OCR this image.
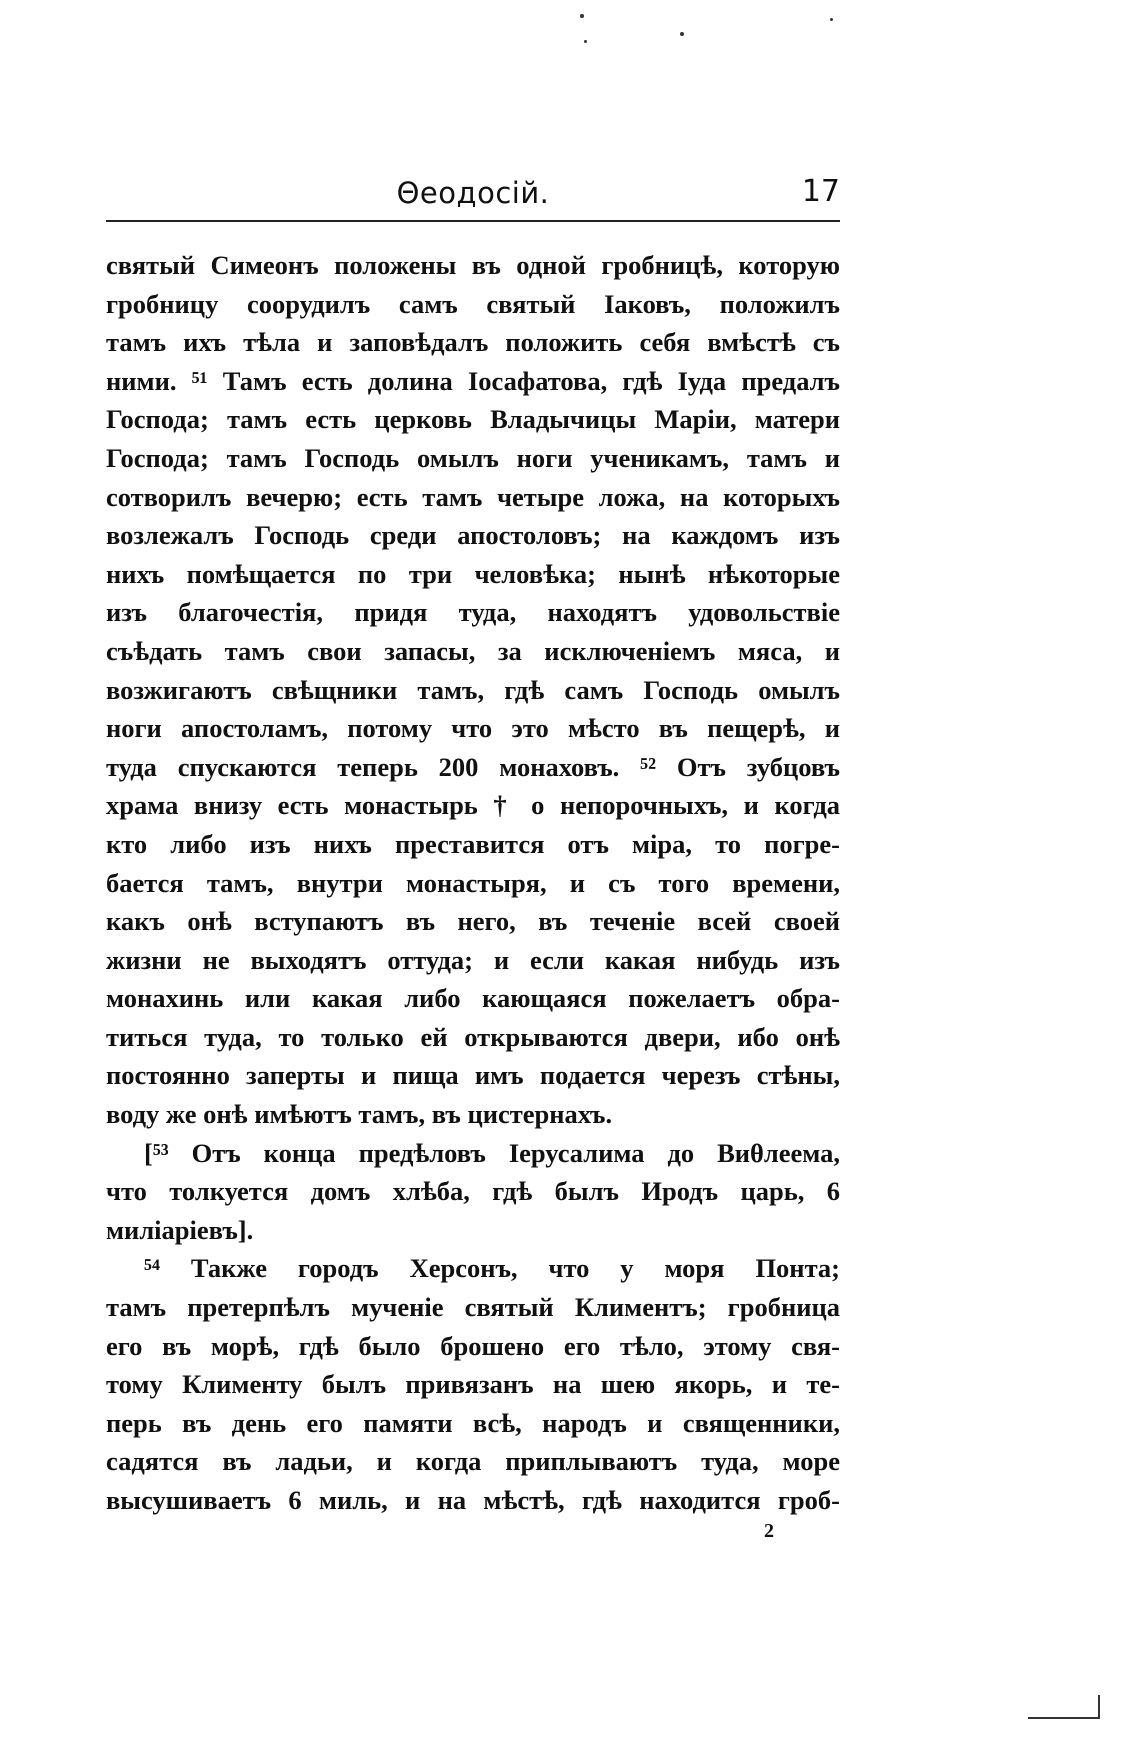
Θеодосiй.	17

святый Симеонъ положены въ одной гробницѣ, которую
гробницу соорудилъ самъ святый Iаковъ, положилъ
тамъ ихъ тѣла и заповѣдалъ положить себя вмѣстѣ съ
ними. ⁵¹ Тамъ есть долина Iосафатова, гдѣ Iуда предалъ
Господа; тамъ есть церковь Владычицы Марiи, матери
Господа; тамъ Господь омылъ ноги ученикамъ, тамъ и
сотворилъ вечерю; есть тамъ четыре ложа, на которыхъ
возлежалъ Господь среди апостоловъ; на каждомъ изъ
нихъ помѣщается по три человѣка; нынѣ нѣкоторые
изъ благочестiя, придя туда, находятъ удовольствiе
съѣдать тамъ свои запасы, за исключенiемъ мяса, и
возжигаютъ свѣщники тамъ, гдѣ самъ Господь омылъ
ноги апостоламъ, потому что это мѣсто въ пещерѣ, и
туда спускаются теперь 200 монаховъ. ⁵² Отъ зубцовъ
храма внизу есть монастырь † о непорочныхъ, и когда
кто либо изъ нихъ преставится отъ мiра, то погре-
бается тамъ, внутри монастыря, и съ того времени,
какъ онѣ вступаютъ въ него, въ теченiе всей своей
жизни не выходятъ оттуда; и если какая нибудь изъ
монахинь или какая либо кающаяся пожелаетъ обра-
титься туда, то только ей открываются двери, ибо онѣ
постоянно заперты и пища имъ подается черезъ стѣны,
воду же онѣ имѣютъ тамъ, въ цистернахъ.

[⁵³ Отъ конца предѣловъ Iерусалима до Виθлеема,

что толкуется домъ хлѣба, гдѣ былъ Иродъ царь, 6
миліаріевъ].

⁵⁴ Также городъ Херсонъ, что у моря Понта;

тамъ претерпѣлъ мученiе святый Климентъ; гробница
его въ морѣ, гдѣ было брошено его тѣло, этому свя-
тому Клименту былъ привязанъ на шею якорь, и те-
перь въ день его памяти всѣ, народъ и священники,
садятся въ ладьи, и когда приплываютъ туда, море
высушиваетъ 6 миль, и на мѣстѣ, гдѣ находится гроб-

2
